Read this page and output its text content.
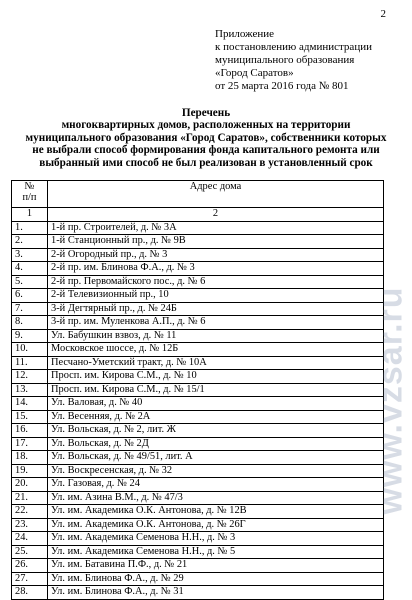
2
Приложение
к постановлению администрации
муниципального образования
«Город Саратов»
от 25 марта 2016 года № 801
Перечень
многоквартирных домов, расположенных на территории
муниципального образования «Город Саратов», собственники которых
не выбрали способ формирования фонда капитального ремонта или
выбранный ими способ не был реализован в установленный срок
№
п/п	Адрес дома
1	2
1.	1-й пр. Строителей, д. № 3А
2.	1-й Станционный пр., д. № 9В
3.	2-й Огородный пр., д. № 3
4.	2-й пр. им. Блинова Ф.А., д. № 3
5.	2-й пр. Первомайского пос., д. № 6
6.	2-й Телевизионный пр., 10
7.	3-й Дегтярный пр., д. № 24Б
8.	3-й пр. им. Муленкова А.П., д. № 6
9.	Ул. Бабушкин взвоз, д. № 11
10.	Московское шоссе, д. № 12Б
11.	Песчано-Уметский тракт, д. № 10А
12.	Просп. им. Кирова С.М., д. № 10
13.	Просп. им. Кирова С.М., д. № 15/1
14.	Ул. Валовая, д. № 40
15.	Ул. Весенняя, д. № 2А
16.	Ул. Вольская, д. № 2, лит. Ж
17.	Ул. Вольская, д. № 2Д
18.	Ул. Вольская, д. № 49/51, лит. А
19.	Ул. Воскресенская, д. № 32
20.	Ул. Газовая, д. № 24
21.	Ул. им. Азина В.М., д. № 47/3
22.	Ул. им. Академика О.К. Антонова, д. № 12В
23.	Ул. им. Академика О.К. Антонова, д. № 26Г
24.	Ул. им. Академика Семенова Н.Н., д. № 3
25.	Ул. им. Академика Семенова Н.Н., д. № 5
26.	Ул. им. Батавина П.Ф., д. № 21
27.	Ул. им. Блинова Ф.А., д. № 29
28.	Ул. им. Блинова Ф.А., д. № 31
www.vzsar.ru
